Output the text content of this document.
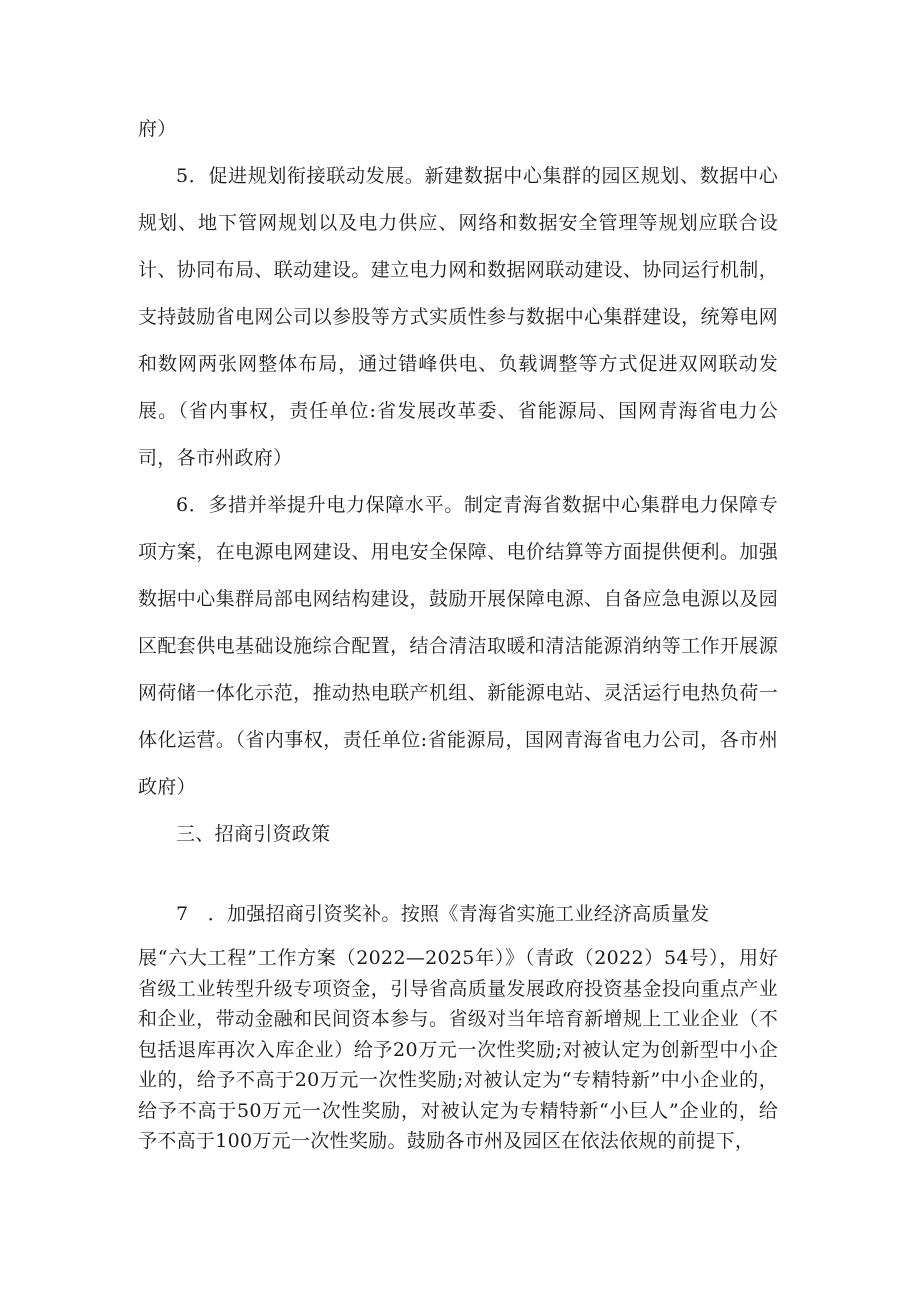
府）

5．促进规划衔接联动发展。新建数据中心集群的园区规划、数据中心规划、地下管网规划以及电力供应、网络和数据安全管理等规划应联合设计、协同布局、联动建设。建立电力网和数据网联动建设、协同运行机制，支持鼓励省电网公司以参股等方式实质性参与数据中心集群建设，统筹电网和数网两张网整体布局，通过错峰供电、负载调整等方式促进双网联动发展。（省内事权，责任单位:省发展改革委、省能源局、国网青海省电力公司，各市州政府）

6．多措并举提升电力保障水平。制定青海省数据中心集群电力保障专项方案，在电源电网建设、用电安全保障、电价结算等方面提供便利。加强数据中心集群局部电网结构建设，鼓励开展保障电源、自备应急电源以及园区配套供电基础设施综合配置，结合清洁取暖和清洁能源消纳等工作开展源网荷储一体化示范，推动热电联产机组、新能源电站、灵活运行电热负荷一体化运营。（省内事权，责任单位:省能源局，国网青海省电力公司，各市州政府）

三、招商引资政策

7　．加强招商引资奖补。按照《青海省实施工业经济高质量发

展“六大工程”工作方案（2022—2025年）》（青政（2022）54号），用好省级工业转型升级专项资金，引导省高质量发展政府投资基金投向重点产业和企业，带动金融和民间资本参与。省级对当年培育新增规上工业企业（不包括退库再次入库企业）给予20万元一次性奖励;对被认定为创新型中小企业的，给予不高于20万元一次性奖励;对被认定为“专精特新”中小企业的，给予不高于50万元一次性奖励，对被认定为专精特新“小巨人”企业的，给予不高于100万元一次性奖励。鼓励各市州及园区在依法依规的前提下，
